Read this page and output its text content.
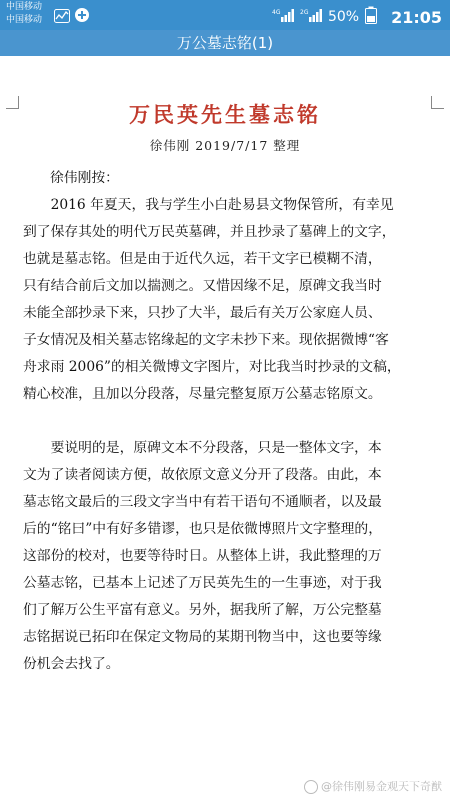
中国移动
中国移动
4G	2G 50% 21:05
万公墓志铭(1)
万民英先生墓志铭
徐伟刚 2019/7/17 整理
徐伟刚按：
　　2016 年夏天，我与学生小白赴易县文物保管所，有幸见
到了保存其处的明代万民英墓碑，并且抄录了墓碑上的文字，
也就是墓志铭。但是由于近代久远，若干文字已模糊不清，
只有结合前后文加以揣测之。又惜因缘不足，原碑文我当时
未能全部抄录下来，只抄了大半，最后有关万公家庭人员、
子女情况及相关墓志铭缘起的文字未抄下来。现依据微博“客
舟求雨 2006”的相关微博文字图片，对比我当时抄录的文稿，
精心校准，且加以分段落，尽量完整复原万公墓志铭原文。
　　要说明的是，原碑文本不分段落，只是一整体文字，本
文为了读者阅读方便，故依原文意义分开了段落。由此，本
墓志铭文最后的三段文字当中有若干语句不通顺者，以及最
后的“铭曰”中有好多错谬，也只是依微博照片文字整理的，
这部份的校对，也要等待时日。从整体上讲，我此整理的万
公墓志铭，已基本上记述了万民英先生的一生事迹，对于我
们了解万公生平富有意义。另外，据我所了解，万公完整墓
志铭据说已拓印在保定文物局的某期刊物当中，这也要等缘
份机会去找了。
@徐伟刚易金观天下奇猷
